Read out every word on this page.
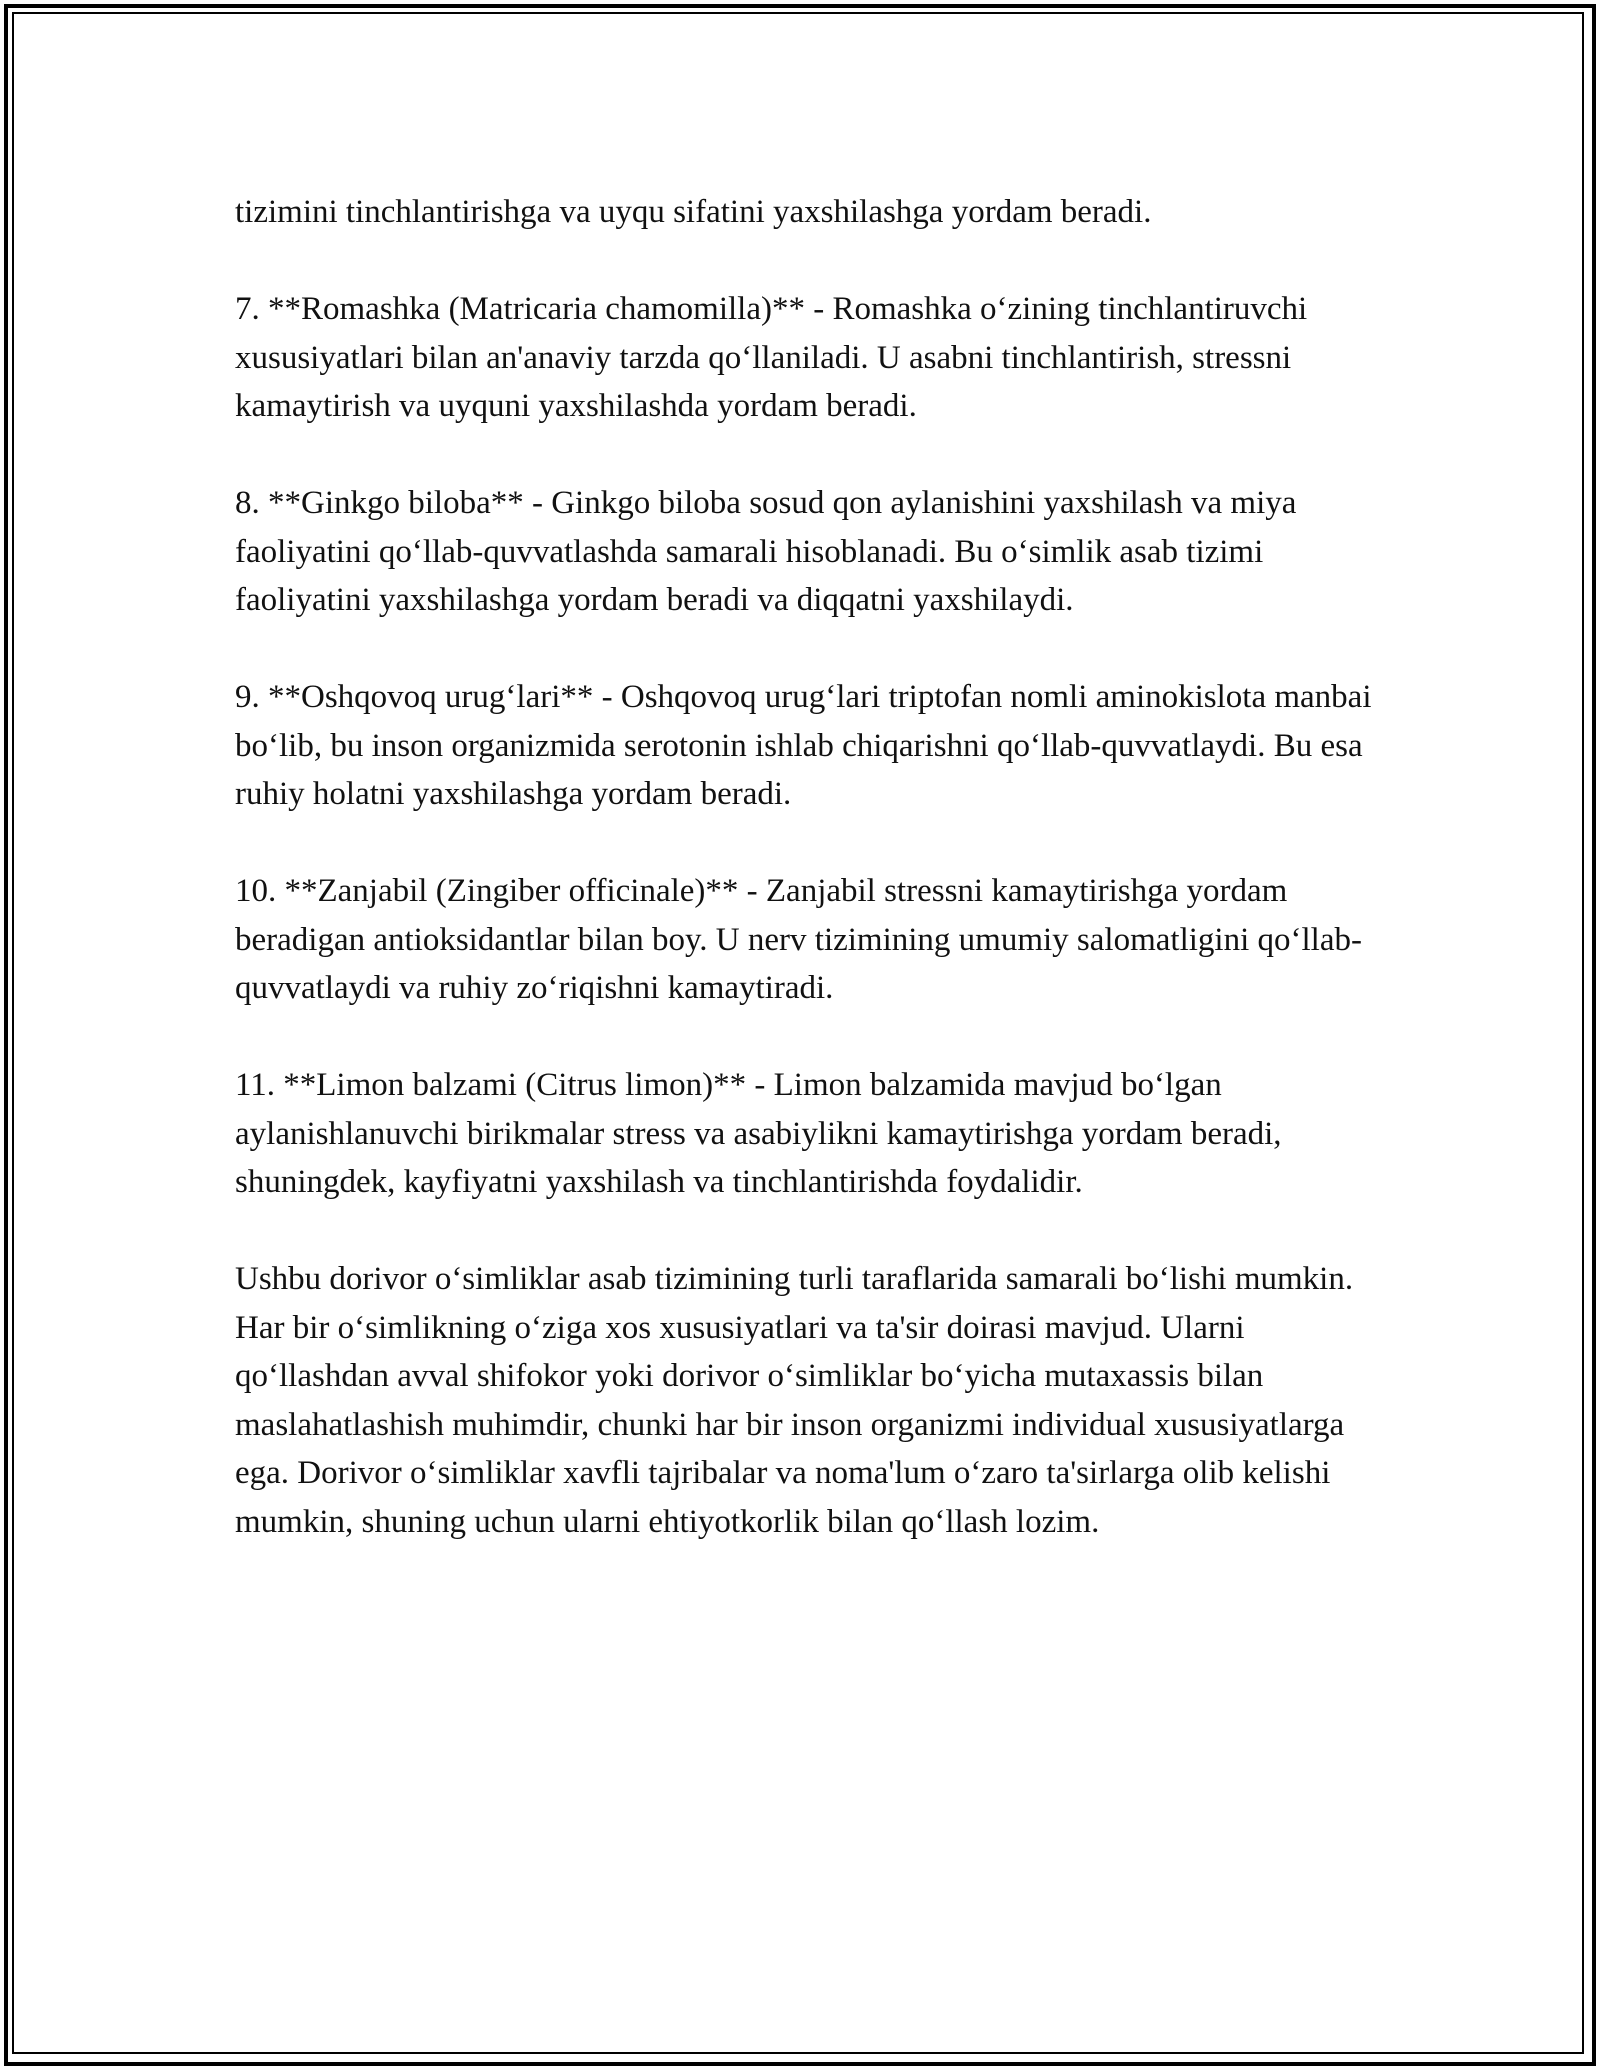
tizimini tinchlantirishga va uyqu sifatini yaxshilashga yordam beradi.

7. **Romashka (Matricaria chamomilla)** - Romashka o‘zining tinchlantiruvchi xususiyatlari bilan an'anaviy tarzda qo‘llaniladi. U asabni tinchlantirish, stressni kamaytirish va uyquni yaxshilashda yordam beradi.

8. **Ginkgo biloba** - Ginkgo biloba sosud qon aylanishini yaxshilash va miya faoliyatini qo‘llab-quvvatlashda samarali hisoblanadi. Bu o‘simlik asab tizimi faoliyatini yaxshilashga yordam beradi va diqqatni yaxshilaydi.

9. **Oshqovoq urug‘lari** - Oshqovoq urug‘lari triptofan nomli aminokislota manbai bo‘lib, bu inson organizmida serotonin ishlab chiqarishni qo‘llab-quvvatlaydi. Bu esa ruhiy holatni yaxshilashga yordam beradi.

10. **Zanjabil (Zingiber officinale)** - Zanjabil stressni kamaytirishga yordam beradigan antioksidantlar bilan boy. U nerv tizimining umumiy salomatligini qo‘llab-quvvatlaydi va ruhiy zo‘riqishni kamaytiradi.

11. **Limon balzami (Citrus limon)** - Limon balzamida mavjud bo‘lgan aylanishlanuvchi birikmalar stress va asabiylikni kamaytirishga yordam beradi, shuningdek, kayfiyatni yaxshilash va tinchlantirishda foydalidir.

Ushbu dorivor o‘simliklar asab tizimining turli taraflarida samarali bo‘lishi mumkin. Har bir o‘simlikning o‘ziga xos xususiyatlari va ta'sir doirasi mavjud. Ularni qo‘llashdan avval shifokor yoki dorivor o‘simliklar bo‘yicha mutaxassis bilan maslahatlashish muhimdir, chunki har bir inson organizmi individual xususiyatlarga ega. Dorivor o‘simliklar xavfli tajribalar va noma'lum o‘zaro ta'sirlarga olib kelishi mumkin, shuning uchun ularni ehtiyotkorlik bilan qo‘llash lozim.
